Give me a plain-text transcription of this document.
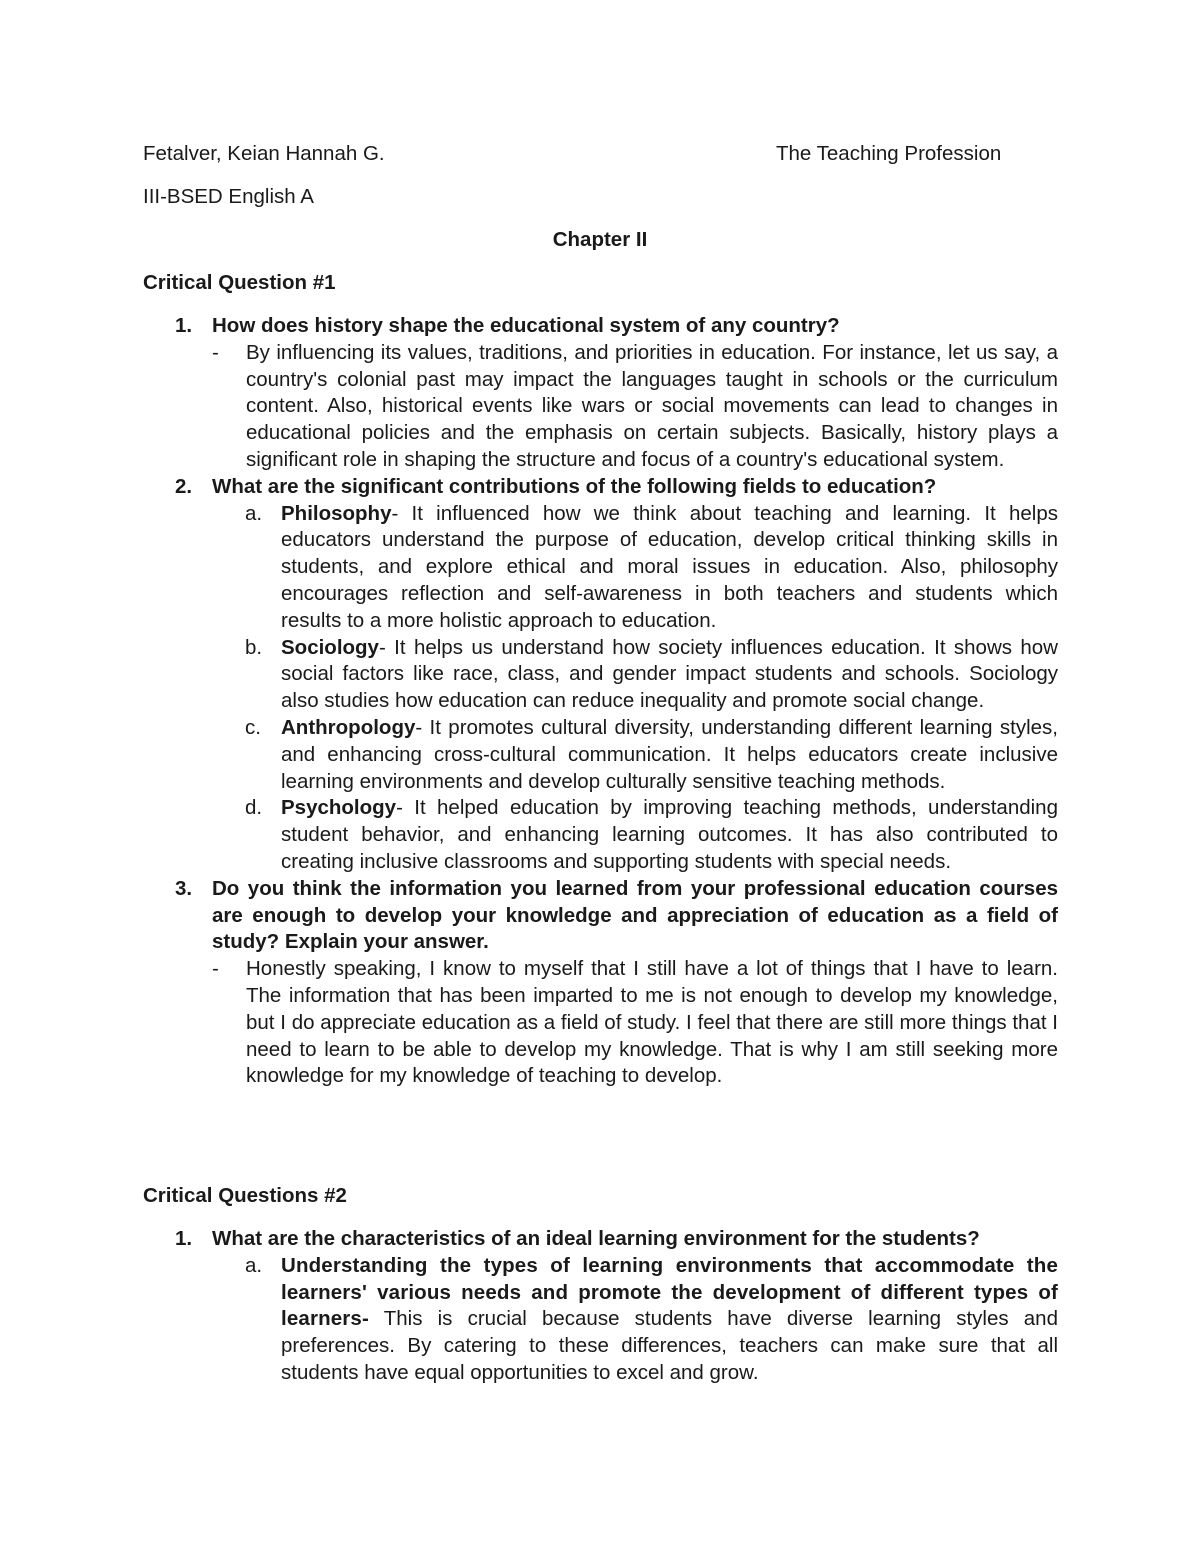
Fetalver, Keian Hannah G.	The Teaching Profession
III-BSED English A
Chapter II
Critical Question #1
1. How does history shape the educational system of any country?
- By influencing its values, traditions, and priorities in education. For instance, let us say, a country's colonial past may impact the languages taught in schools or the curriculum content. Also, historical events like wars or social movements can lead to changes in educational policies and the emphasis on certain subjects. Basically, history plays a significant role in shaping the structure and focus of a country's educational system.
2. What are the significant contributions of the following fields to education?
a. Philosophy- It influenced how we think about teaching and learning. It helps educators understand the purpose of education, develop critical thinking skills in students, and explore ethical and moral issues in education. Also, philosophy encourages reflection and self-awareness in both teachers and students which results to a more holistic approach to education.
b. Sociology- It helps us understand how society influences education. It shows how social factors like race, class, and gender impact students and schools. Sociology also studies how education can reduce inequality and promote social change.
c. Anthropology- It promotes cultural diversity, understanding different learning styles, and enhancing cross-cultural communication. It helps educators create inclusive learning environments and develop culturally sensitive teaching methods.
d. Psychology- It helped education by improving teaching methods, understanding student behavior, and enhancing learning outcomes. It has also contributed to creating inclusive classrooms and supporting students with special needs.
3. Do you think the information you learned from your professional education courses are enough to develop your knowledge and appreciation of education as a field of study? Explain your answer.
- Honestly speaking, I know to myself that I still have a lot of things that I have to learn. The information that has been imparted to me is not enough to develop my knowledge, but I do appreciate education as a field of study. I feel that there are still more things that I need to learn to be able to develop my knowledge. That is why I am still seeking more knowledge for my knowledge of teaching to develop.
Critical Questions #2
1. What are the characteristics of an ideal learning environment for the students?
a. Understanding the types of learning environments that accommodate the learners' various needs and promote the development of different types of learners- This is crucial because students have diverse learning styles and preferences. By catering to these differences, teachers can make sure that all students have equal opportunities to excel and grow.
